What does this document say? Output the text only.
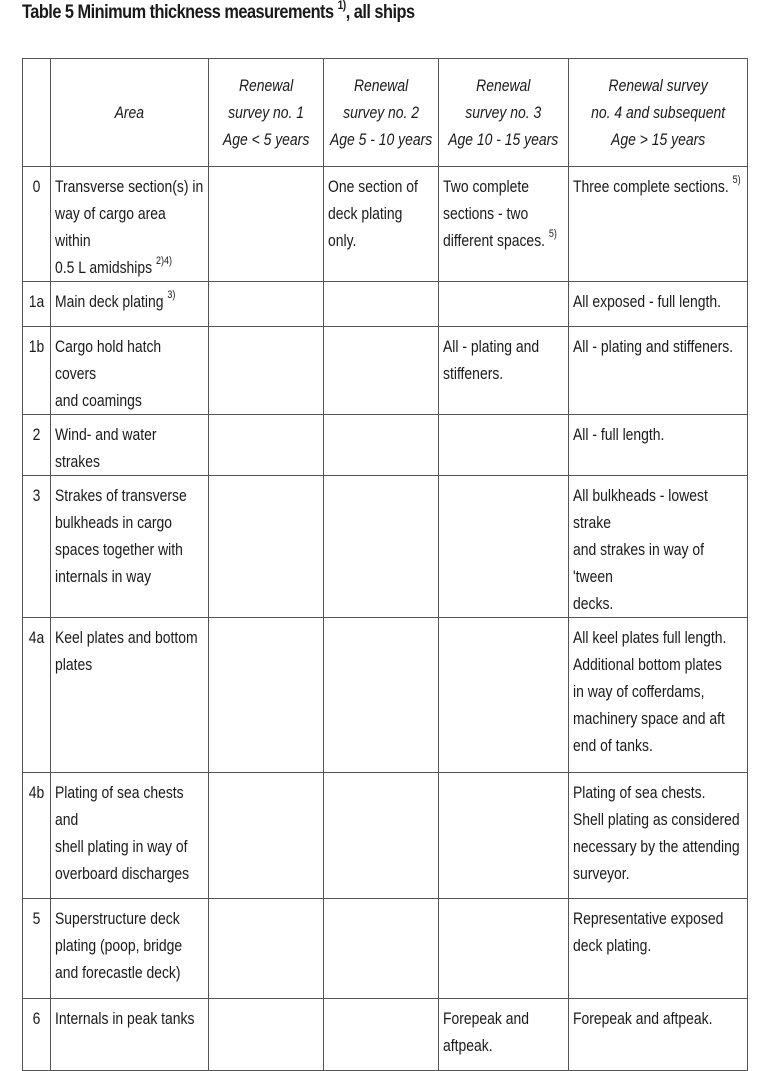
Table 5 Minimum thickness measurements $^{1)}$, all ships
	Area	Renewal
survey no. 1
Age < 5 years	Renewal
survey no. 2
Age 5 - 10 years	Renewal
survey no. 3
Age 10 - 15 years	Renewal survey
no. 4 and subsequent
Age > 15 years
0	Transverse section(s) in
way of cargo area within
0.5 L amidships $^{2)4)}$		One section of
deck plating only.	Two complete
sections - two
different spaces. $^{5)}$	Three complete sections. $^{5)}$
1a	Main deck plating $^{3)}$				All exposed - full length.
1b	Cargo hold hatch covers
and coamings			All - plating and
stiffeners.	All - plating and stiffeners.
2	Wind- and water strakes				All - full length.
3	Strakes of transverse
bulkheads in cargo
spaces together with
internals in way				All bulkheads - lowest strake
and strakes in way of 'tween
decks.
4a	Keel plates and bottom
plates				All keel plates full length.
Additional bottom plates
in way of cofferdams,
machinery space and aft
end of tanks.
4b	Plating of sea chests and
shell plating in way of
overboard discharges				Plating of sea chests.
Shell plating as considered
necessary by the attending
surveyor.
5	Superstructure deck
plating (poop, bridge
and forecastle deck)				Representative exposed
deck plating.
6	Internals in peak tanks			Forepeak and
aftpeak.	Forepeak and aftpeak.
